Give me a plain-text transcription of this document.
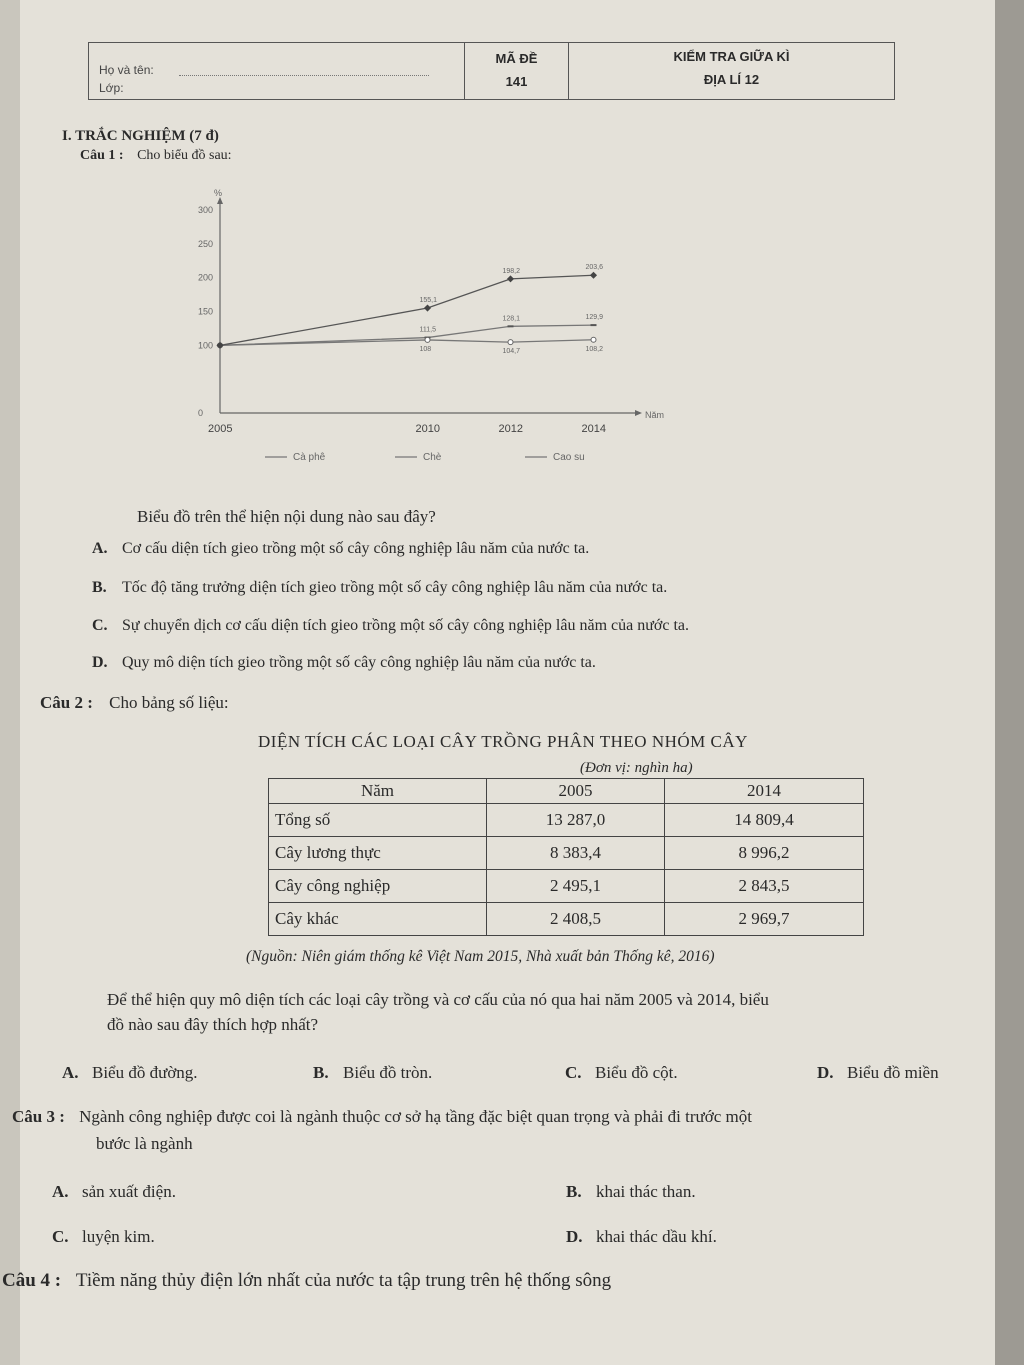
Họ và tên:
Lớp:
MÃ ĐỀ
141
KIỂM TRA GIỮA KÌ
ĐỊA LÍ 12
I. TRẮC NGHIỆM (7 đ)
Câu 1 : Cho biểu đồ sau:
%
Năm
0
100
150
200
250
300
2005	2010	2012	2014
111,5
128,1	129,9
108	104,7	108,2
155,1
198,2
203,6
Cà phê	Chè	Cao su
Biểu đồ trên thể hiện nội dung nào sau đây?
A. Cơ cấu diện tích gieo trồng một số cây công nghiệp lâu năm của nước ta.
B. Tốc độ tăng trưởng diện tích gieo trồng một số cây công nghiệp lâu năm của nước ta.
C. Sự chuyển dịch cơ cấu diện tích gieo trồng một số cây công nghiệp lâu năm của nước ta.
D. Quy mô diện tích gieo trồng một số cây công nghiệp lâu năm của nước ta.
Câu 2 : Cho bảng số liệu:
DIỆN TÍCH CÁC LOẠI CÂY TRỒNG PHÂN THEO NHÓM CÂY
(Đơn vị: nghìn ha)
Năm	2005	2014
Tổng số	13 287,0	14 809,4
Cây lương thực	8 383,4	8 996,2
Cây công nghiệp	2 495,1	2 843,5
Cây khác	2 408,5	2 969,7
(Nguồn: Niên giám thống kê Việt Nam 2015, Nhà xuất bản Thống kê, 2016)
Để thể hiện quy mô diện tích các loại cây trồng và cơ cấu của nó qua hai năm 2005 và 2014, biểu
đồ nào sau đây thích hợp nhất?
A. Biểu đồ đường.	B. Biểu đồ tròn.	C. Biểu đồ cột.	D. Biểu đồ miền
Câu 3 : Ngành công nghiệp được coi là ngành thuộc cơ sở hạ tầng đặc biệt quan trọng và phải đi trước một
bước là ngành
A. sản xuất điện.	B. khai thác than.
C. luyện kim.	D. khai thác dầu khí.
Câu 4 : Tiềm năng thủy điện lớn nhất của nước ta tập trung trên hệ thống sông
